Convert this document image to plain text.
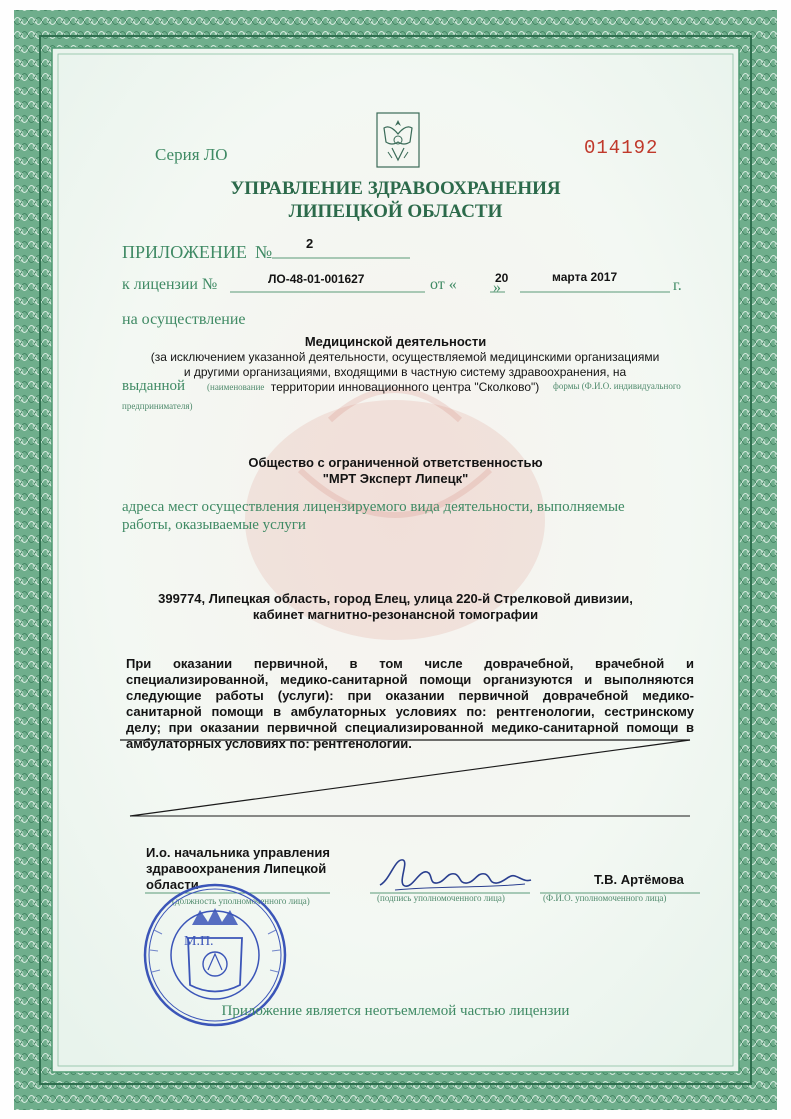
Серия ЛО	014192
УПРАВЛЕНИЕ ЗДРАВООХРАНЕНИЯ
ЛИПЕЦКОЙ ОБЛАСТИ
ПРИЛОЖЕНИЕ №	2
к лицензии №	ЛО-48-01-001627	от «	20
»
марта 2017	г.
на осуществление
Медицинской деятельности
(за исключением указанной деятельности, осуществляемой медицинскими организациями
и другими организациями, входящими в частную систему здравоохранения, на
выданной (наименование территории инновационного центра "Сколково")	формы (Ф.И.О. индивидуального
предпринимателя)
Общество с ограниченной ответственностью
"МРТ Эксперт Липецк"
адреса мест осуществления лицензируемого вида деятельности, выполняемые
работы, оказываемые услуги
399774, Липецкая область, город Елец, улица 220-й Стрелковой дивизии,
кабинет магнитно-резонансной томографии
При оказании первичной, в том числе доврачебной, врачебной и
специализированной, медико-санитарной помощи организуются и выполняются
следующие работы (услуги): при оказании первичной доврачебной медико-
санитарной помощи в амбулаторных условиях по: рентгенологии, сестринскому
делу; при оказании первичной специализированной медико-санитарной помощи в
амбулаторных условиях по: рентгенологии.
И.о. начальника управления
здравоохранения Липецкой
области
(должность уполномоченного лица)	(подпись уполномоченного лица)
Т.В. Артёмова
(Ф.И.О. уполномоченного лица)
М.П.
Приложение является неотъемлемой частью лицензии
